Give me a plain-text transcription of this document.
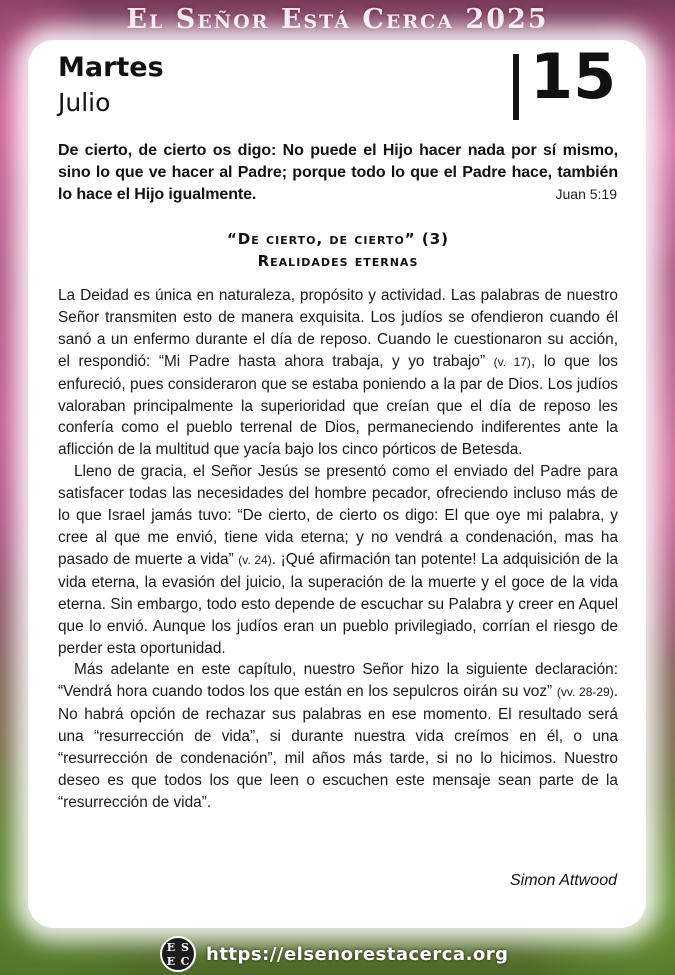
El Señor Está Cerca 2025
Martes
Julio	15
De cierto, de cierto os digo: No puede el Hijo hacer nada por sí mismo, sino lo que ve hacer al Padre; porque todo lo que el Padre hace, también lo hace el Hijo igualmente.	Juan 5:19
“De cierto, de cierto” (3)
Realidades eternas

La Deidad es única en naturaleza, propósito y actividad. Las palabras de nuestro Señor transmiten esto de manera exquisita. Los judíos se ofendieron cuando él sanó a un enfermo durante el día de reposo. Cuando le cuestionaron su acción, el respondió: “Mi Padre hasta ahora trabaja, y yo trabajo” (v. 17), lo que los enfureció, pues consideraron que se estaba poniendo a la par de Dios. Los judíos valoraban principalmente la superioridad que creían que el día de reposo les confería como el pueblo terrenal de Dios, permaneciendo indiferentes ante la aflicción de la multitud que yacía bajo los cinco pórticos de Betesda.

Lleno de gracia, el Señor Jesús se presentó como el enviado del Padre para satisfacer todas las necesidades del hombre pecador, ofreciendo incluso más de lo que Israel jamás tuvo: “De cierto, de cierto os digo: El que oye mi palabra, y cree al que me envió, tiene vida eterna; y no vendrá a condenación, mas ha pasado de muerte a vida” (v. 24). ¡Qué afirmación tan potente! La adquisición de la vida eterna, la evasión del juicio, la superación de la muerte y el goce de la vida eterna. Sin embargo, todo esto depende de escuchar su Palabra y creer en Aquel que lo envió. Aunque los judíos eran un pueblo privilegiado, corrían el riesgo de perder esta oportunidad.

Más adelante en este capítulo, nuestro Señor hizo la siguiente declaración: “Vendrá hora cuando todos los que están en los sepulcros oirán su voz” (vv. 28-29). No habrá opción de rechazar sus palabras en ese momento. El resultado será una “resurrección de vida”, si durante nuestra vida creímos en él, o una “resurrección de condenación”, mil años más tarde, si no lo hicimos. Nuestro deseo es que todos los que leen o escuchen este mensaje sean parte de la “resurrección de vida”.

Simon Attwood
E S
E C https://elsenorestacerca.org
